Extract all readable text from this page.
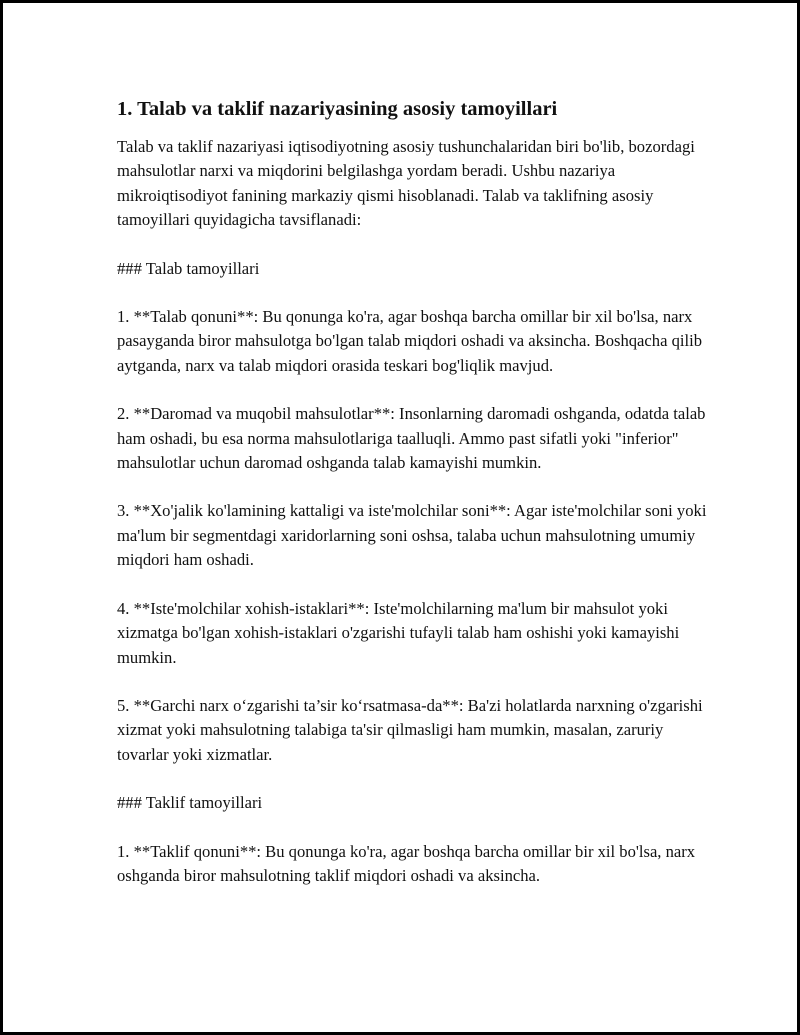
1. Talab va taklif nazariyasining asosiy tamoyillari

Talab va taklif nazariyasi iqtisodiyotning asosiy tushunchalaridan biri bo'lib, bozordagi mahsulotlar narxi va miqdorini belgilashga yordam beradi. Ushbu nazariya mikroiqtisodiyot fanining markaziy qismi hisoblanadi. Talab va taklifning asosiy tamoyillari quyidagicha tavsiflanadi:

### Talab tamoyillari

1. **Talab qonuni**: Bu qonunga ko'ra, agar boshqa barcha omillar bir xil bo'lsa, narx pasayganda biror mahsulotga bo'lgan talab miqdori oshadi va aksincha. Boshqacha qilib aytganda, narx va talab miqdori orasida teskari bog'liqlik mavjud.

2. **Daromad va muqobil mahsulotlar**: Insonlarning daromadi oshganda, odatda talab ham oshadi, bu esa norma mahsulotlariga taalluqli. Ammo past sifatli yoki "inferior" mahsulotlar uchun daromad oshganda talab kamayishi mumkin.

3. **Xo'jalik ko'lamining kattaligi va iste'molchilar soni**: Agar iste'molchilar soni yoki ma'lum bir segmentdagi xaridorlarning soni oshsa, talaba uchun mahsulotning umumiy miqdori ham oshadi.

4. **Iste'molchilar xohish-istaklari**: Iste'molchilarning ma'lum bir mahsulot yoki xizmatga bo'lgan xohish-istaklari o'zgarishi tufayli talab ham oshishi yoki kamayishi mumkin.

5. **Garchi narx o‘zgarishi ta’sir ko‘rsatmasa-da**: Ba'zi holatlarda narxning o'zgarishi xizmat yoki mahsulotning talabiga ta'sir qilmasligi ham mumkin, masalan, zaruriy tovarlar yoki xizmatlar.

### Taklif tamoyillari

1. **Taklif qonuni**: Bu qonunga ko'ra, agar boshqa barcha omillar bir xil bo'lsa, narx oshganda biror mahsulotning taklif miqdori oshadi va aksincha.
